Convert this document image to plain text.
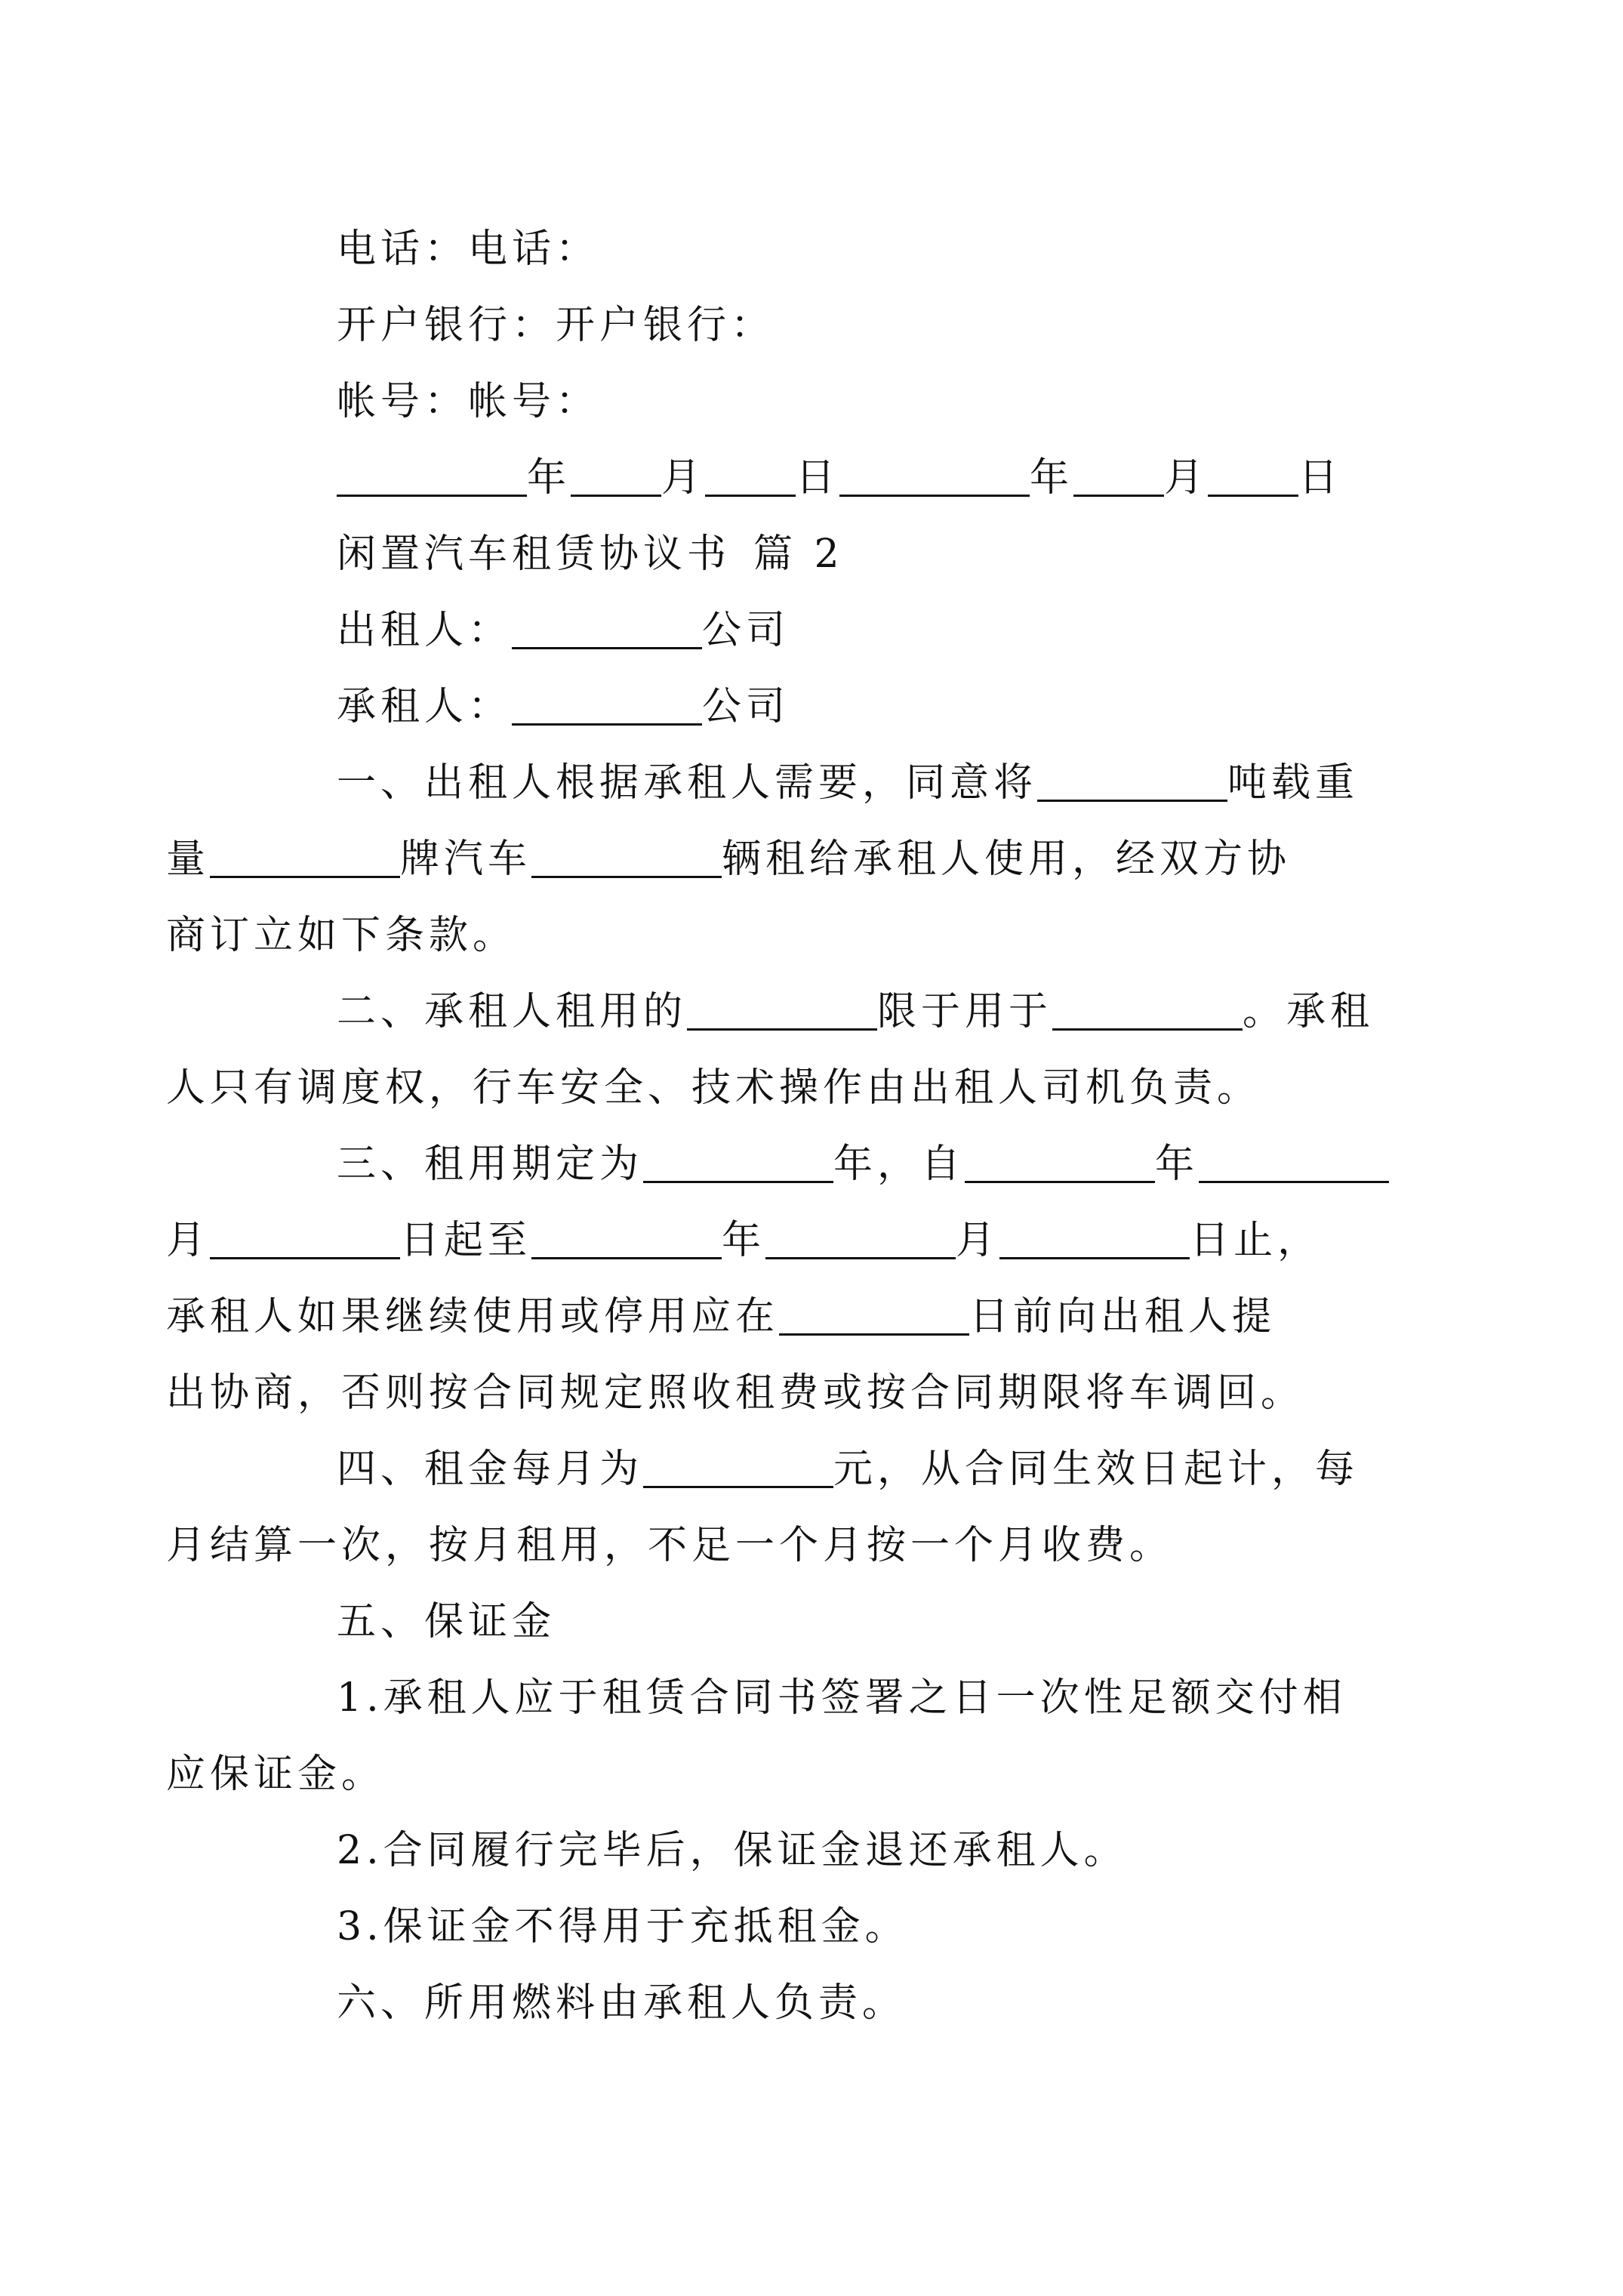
电话：电话：

开户银行：开户银行：

帐号：帐号：

年 月 日	年 月 日

闲置汽车租赁协议书 篇 2

出租人：	公司

承租人：	公司

一、出租人根据承租人需要，同意将	吨载重

量	牌汽车	辆租给承租人使用，经双方协

商订立如下条款。

二、承租人租用的	限于用于	。承租

人只有调度权，行车安全、技术操作由出租人司机负责。

三、租用期定为	年，自	年

月	日起至	年	月	日止，

承租人如果继续使用或停用应在	日前向出租人提

出协商，否则按合同规定照收租费或按合同期限将车调回。

四、租金每月为	元，从合同生效日起计，每

月结算一次，按月租用，不足一个月按一个月收费。

五、保证金

1.承租人应于租赁合同书签署之日一次性足额交付相

应保证金。

2.合同履行完毕后，保证金退还承租人。

3.保证金不得用于充抵租金。

六、所用燃料由承租人负责。
